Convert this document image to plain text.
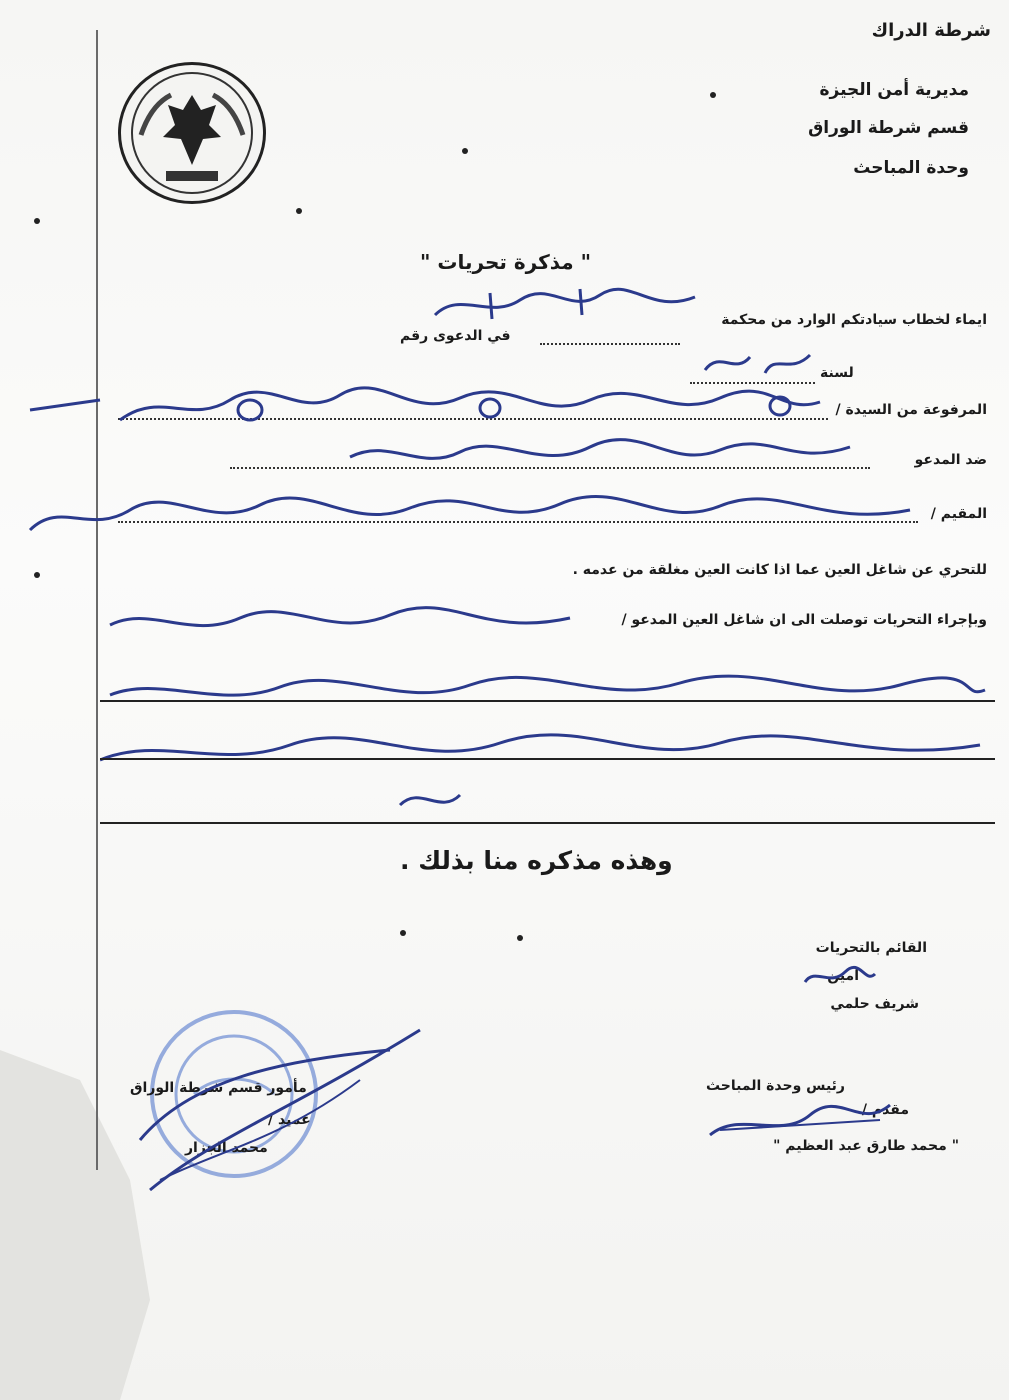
شرطة الدراك
مديرية أمن الجيزة
قسم شرطة الوراق
وحدة المباحث
" مذكرة تحريات "
ايماء لخطاب سيادتكم الوارد من محكمة
في الدعوى رقم
لسنة
المرفوعة من السيدة /
ضد المدعو
المقيم /
للتحري عن شاغل العين عما اذا كانت العين مغلقة من عدمه .
وبإجراء التحريات توصلت الى ان شاغل العين المدعو /
وهذه مذكره منا بذلك .
القائم بالتحريات
امين
شريف حلمي
رئيس وحدة المباحث
مقدم /
" محمد طارق عبد العظيم "
مأمور قسم شرطة الوراق
عميد /
محمد الجزار
